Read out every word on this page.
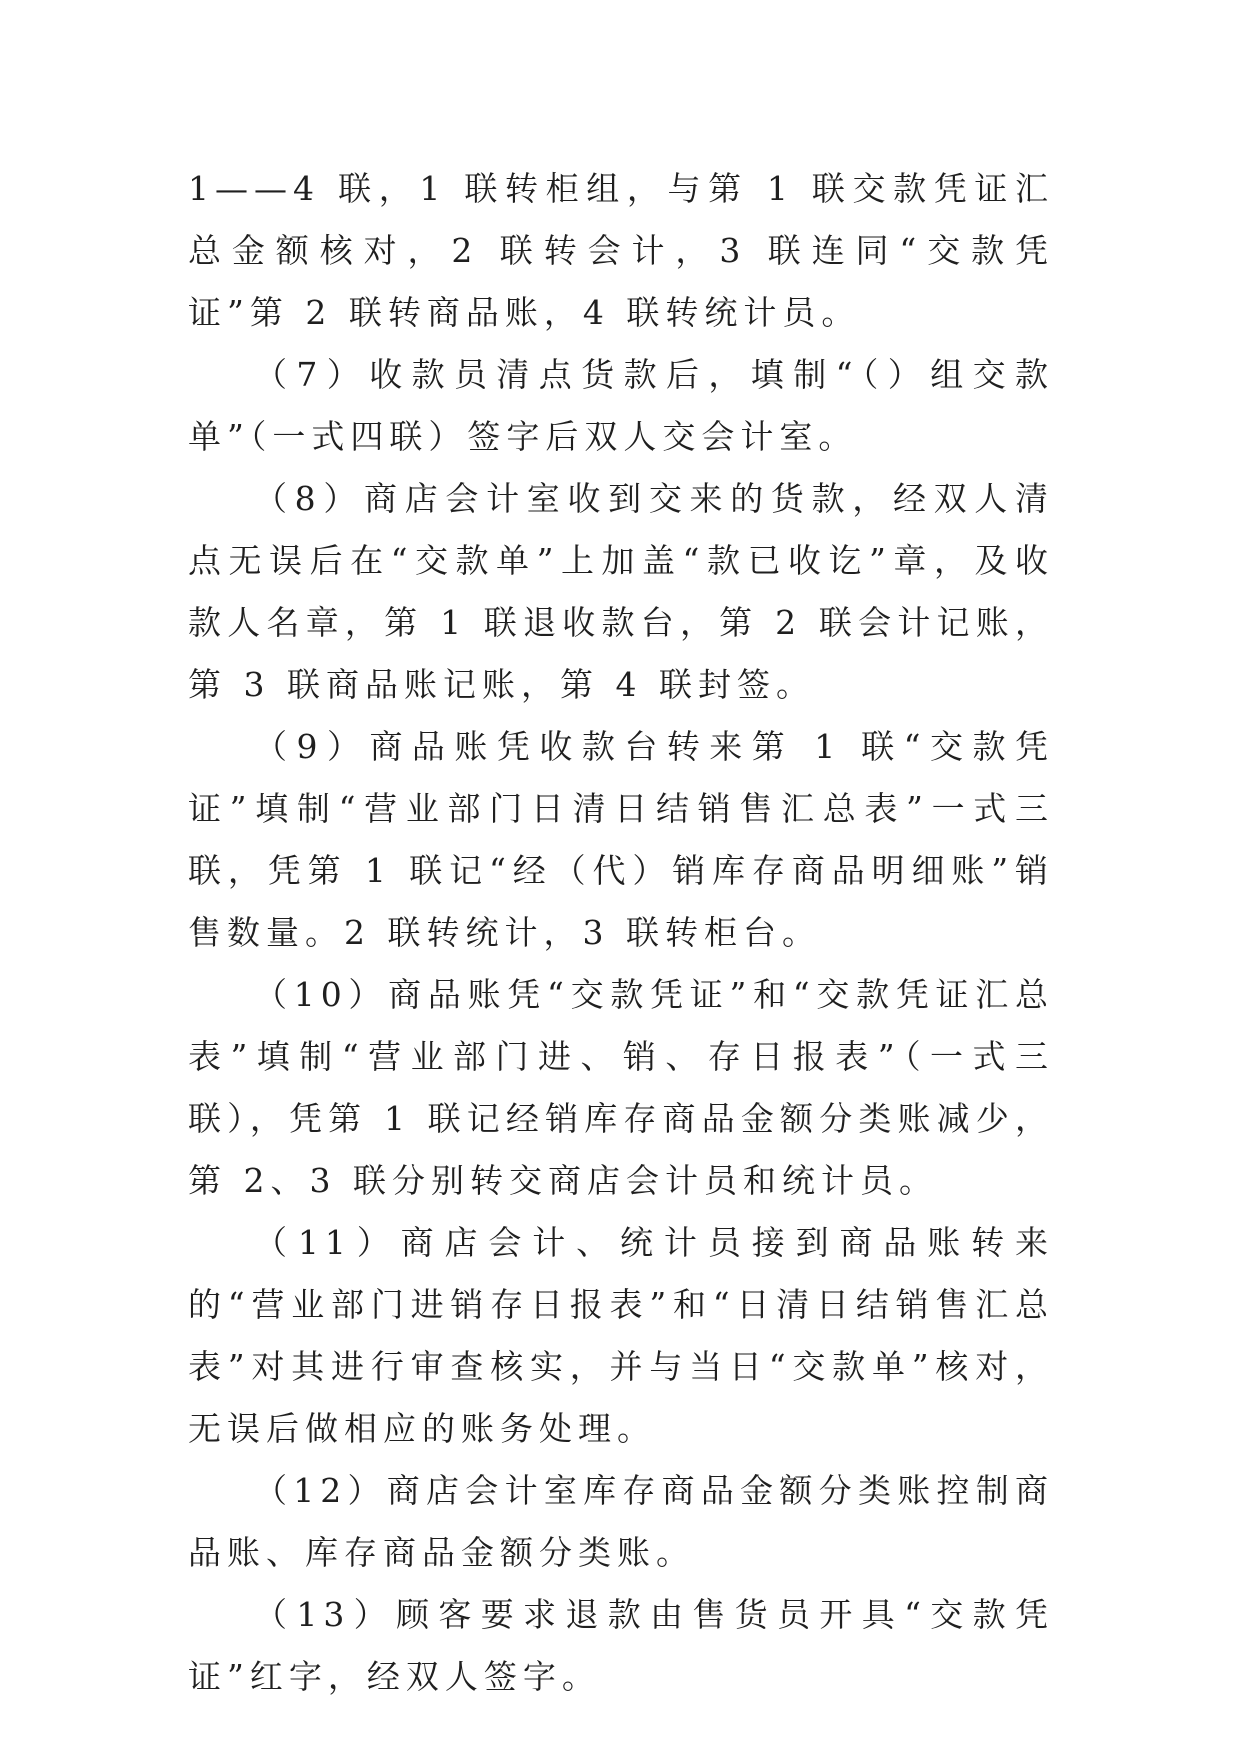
1——4 联，1 联转柜组，与第 1 联交款凭证汇总金额核对，2 联转会计，3 联连同“交款凭证”第 2 联转商品账，4 联转统计员。

（7）收款员清点货款后，填制“（）组交款单”（一式四联）签字后双人交会计室。

（8）商店会计室收到交来的货款，经双人清点无误后在“交款单”上加盖“款已收讫”章，及收款人名章，第 1 联退收款台，第 2 联会计记账，第 3 联商品账记账，第 4 联封签。

（9）商品账凭收款台转来第 1 联“交款凭证”填制“营业部门日清日结销售汇总表”一式三联，凭第 1 联记“经（代）销库存商品明细账”销售数量。2 联转统计，3 联转柜台。

（10）商品账凭“交款凭证”和“交款凭证汇总表”填制“营业部门进、销、存日报表”（一式三联），凭第 1 联记经销库存商品金额分类账减少，第 2、3 联分别转交商店会计员和统计员。

（11）商店会计、统计员接到商品账转来的“营业部门进销存日报表”和“日清日结销售汇总表”对其进行审查核实，并与当日“交款单”核对，无误后做相应的账务处理。

（12）商店会计室库存商品金额分类账控制商品账、库存商品金额分类账。

（13）顾客要求退款由售货员开具“交款凭证”红字，经双人签字。
